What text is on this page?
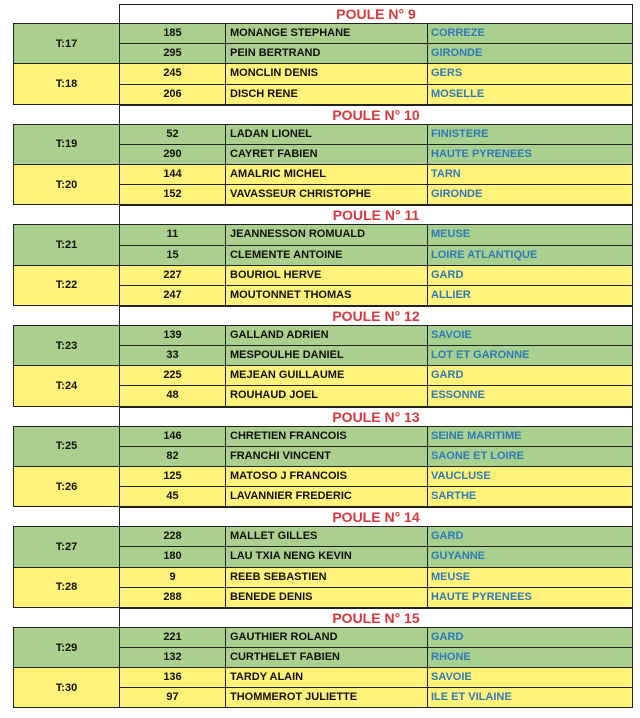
POULE N° 9
T:17
185	MONANGE STEPHANE	CORREZE
295	PEIN BERTRAND	GIRONDE
T:18
245	MONCLIN DENIS	GERS
206	DISCH RENE	MOSELLE
POULE N° 10
T:19
52	LADAN LIONEL	FINISTERE
290	CAYRET FABIEN	HAUTE PYRENEES
T:20
144	AMALRIC MICHEL	TARN
152	VAVASSEUR CHRISTOPHE	GIRONDE
POULE N° 11
T:21
11	JEANNESSON ROMUALD	MEUSE
15	CLEMENTE ANTOINE	LOIRE ATLANTIQUE
T:22
227	BOURIOL HERVE	GARD
247	MOUTONNET THOMAS	ALLIER
POULE N° 12
T:23
139	GALLAND ADRIEN	SAVOIE
33	MESPOULHE DANIEL	LOT ET GARONNE
T:24
225	MEJEAN GUILLAUME	GARD
48	ROUHAUD JOEL	ESSONNE
POULE N° 13
T:25
146	CHRETIEN FRANCOIS	SEINE MARITIME
82	FRANCHI VINCENT	SAONE ET LOIRE
T:26
125	MATOSO J FRANCOIS	VAUCLUSE
45	LAVANNIER FREDERIC	SARTHE
POULE N° 14
T:27
228	MALLET GILLES	GARD
180	LAU TXIA NENG KEVIN	GUYANNE
T:28
9	REEB SEBASTIEN	MEUSE
288	BENEDE DENIS	HAUTE PYRENEES
POULE N° 15
T:29
221	GAUTHIER ROLAND	GARD
132	CURTHELET FABIEN	RHONE
T:30
136	TARDY ALAIN	SAVOIE
97	THOMMEROT JULIETTE	ILE ET VILAINE
